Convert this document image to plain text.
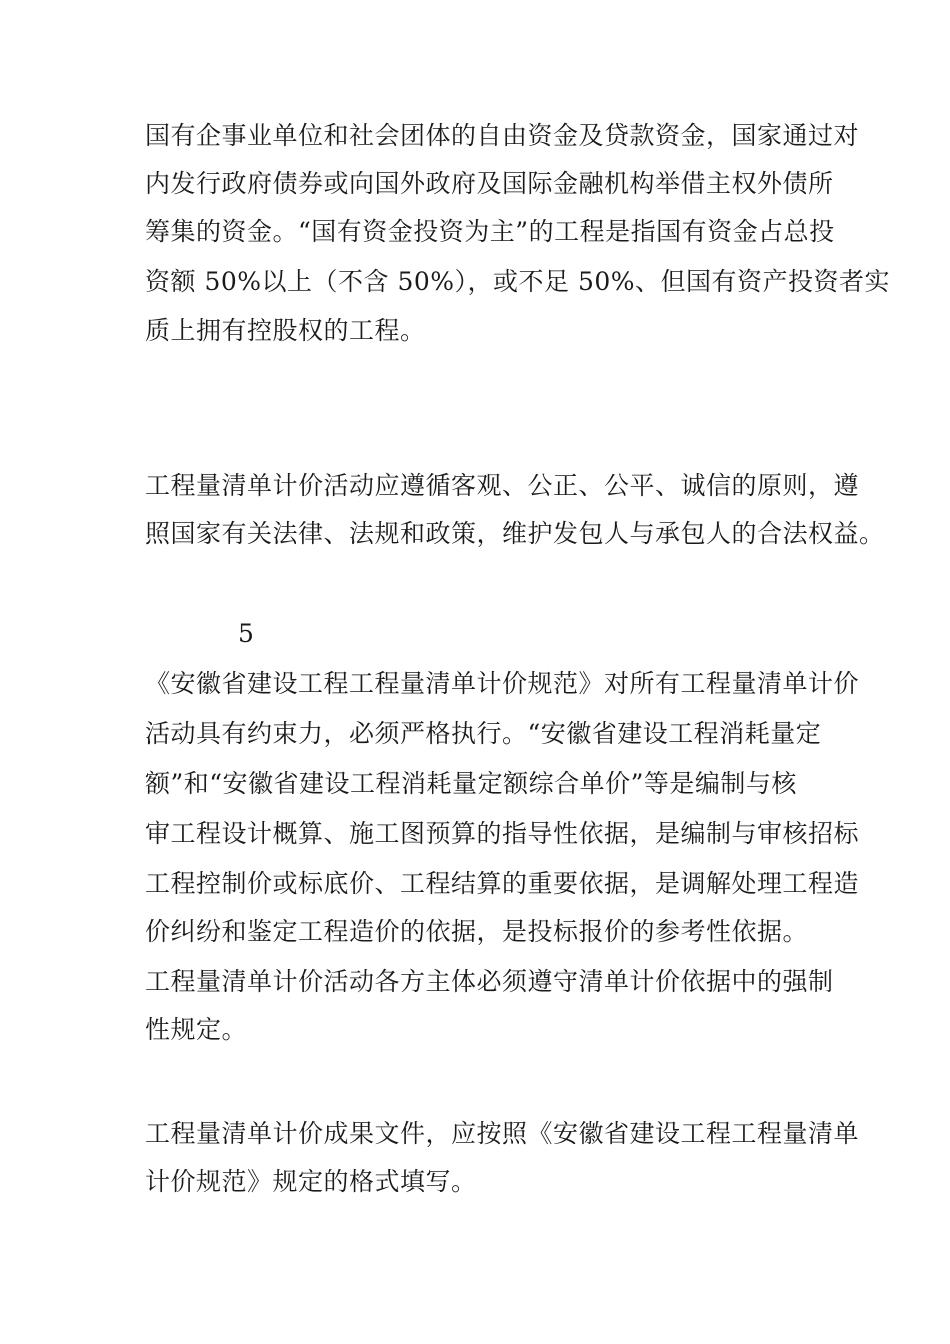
国有企事业单位和社会团体的自由资金及贷款资金，国家通过对
内发行政府债券或向国外政府及国际金融机构举借主权外债所
筹集的资金。“国有资金投资为主”的工程是指国有资金占总投
资额 50%以上（不含 50%），或不足 50%、但国有资产投资者实
质上拥有控股权的工程。
工程量清单计价活动应遵循客观、公正、公平、诚信的原则，遵
照国家有关法律、法规和政策，维护发包人与承包人的合法权益。
5
《安徽省建设工程工程量清单计价规范》对所有工程量清单计价
活动具有约束力，必须严格执行。“安徽省建设工程消耗量定
额”和“安徽省建设工程消耗量定额综合单价”等是编制与核
审工程设计概算、施工图预算的指导性依据，是编制与审核招标
工程控制价或标底价、工程结算的重要依据，是调解处理工程造
价纠纷和鉴定工程造价的依据，是投标报价的参考性依据。
工程量清单计价活动各方主体必须遵守清单计价依据中的强制
性规定。
工程量清单计价成果文件，应按照《安徽省建设工程工程量清单
计价规范》规定的格式填写。
